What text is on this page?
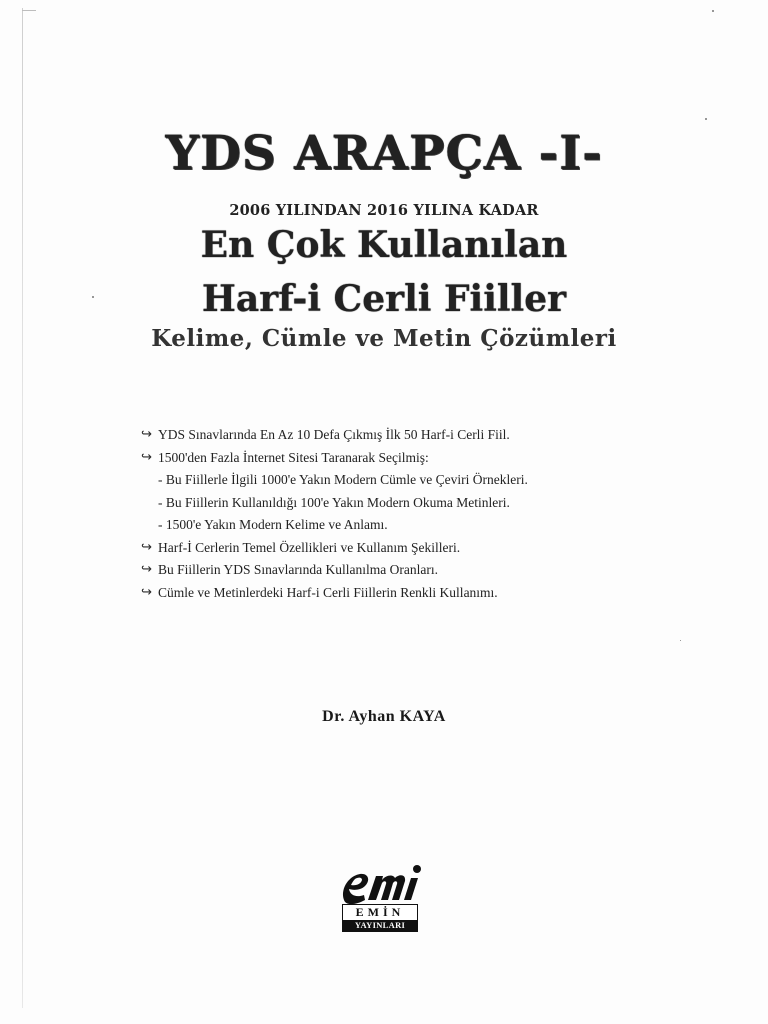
YDS ARAPÇA -I-
2006 YILINDAN 2016 YILINA KADAR
En Çok Kullanılan
Harf-i Cerli Fiiller
Kelime, Cümle ve Metin Çözümleri
↪ YDS Sınavlarında En Az 10 Defa Çıkmış İlk 50 Harf-i Cerli Fiil.
↪ 1500'den Fazla İnternet Sitesi Taranarak Seçilmiş:
- Bu Fiillerle İlgili 1000'e Yakın Modern Cümle ve Çeviri Örnekleri.
- Bu Fiillerin Kullanıldığı 100'e Yakın Modern Okuma Metinleri.
- 1500'e Yakın Modern Kelime ve Anlamı.
↪ Harf-İ Cerlerin Temel Özellikleri ve Kullanım Şekilleri.
↪ Bu Fiillerin YDS Sınavlarında Kullanılma Oranları.
↪ Cümle ve Metinlerdeki Harf-i Cerli Fiillerin Renkli Kullanımı.
Dr. Ayhan KAYA
EMİN
YAYINLARI
